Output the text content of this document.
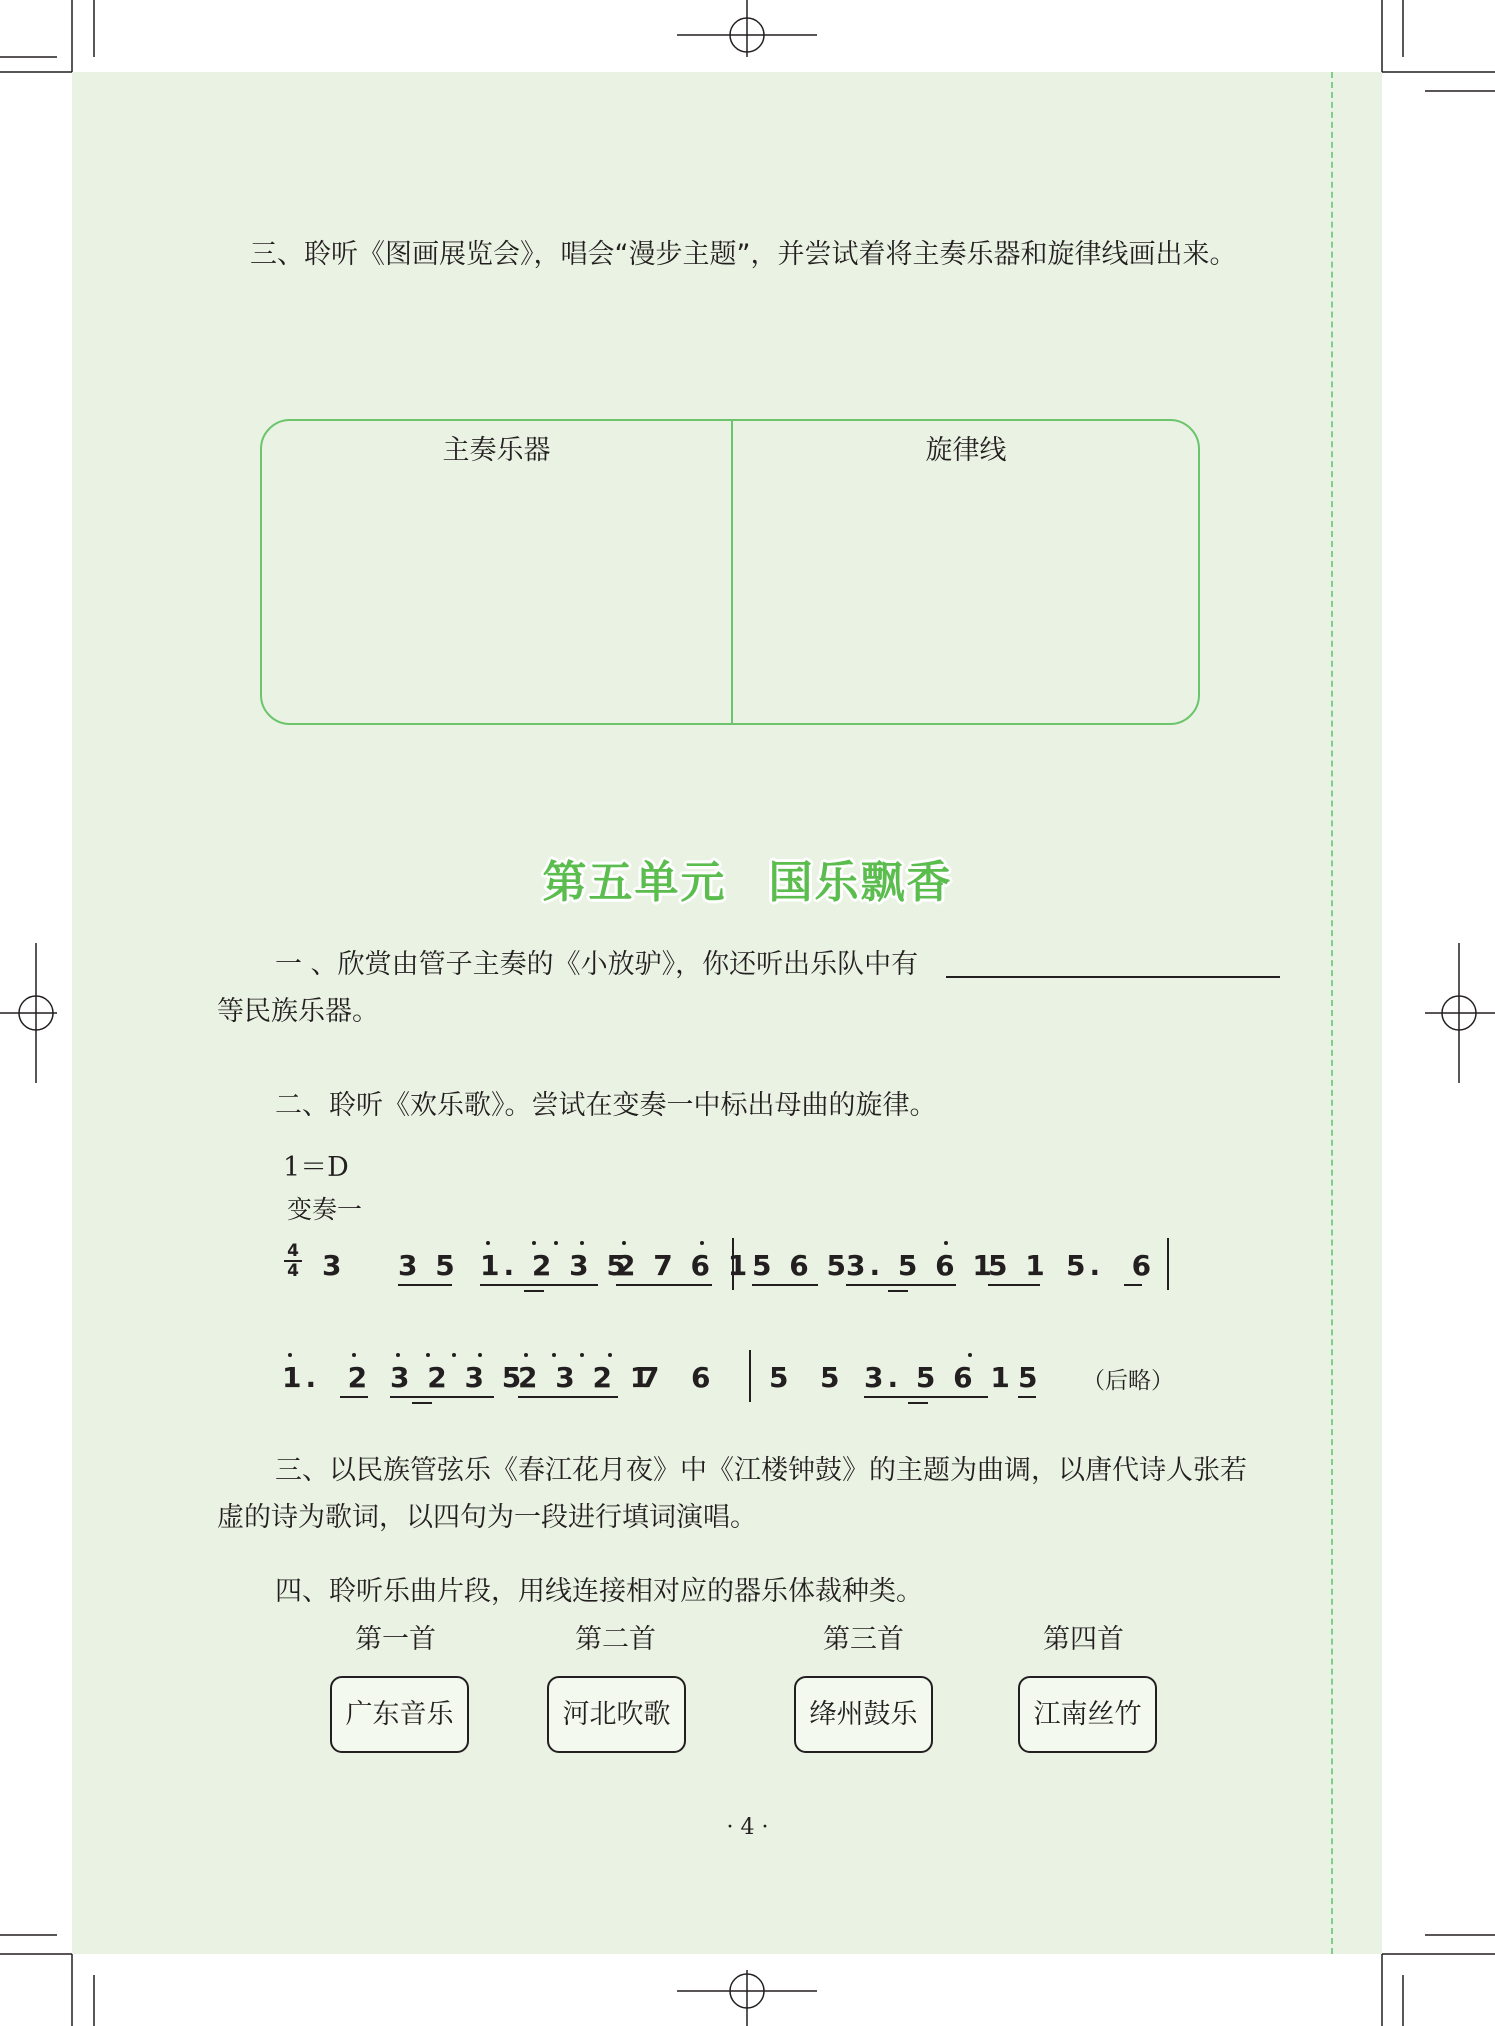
三、聆听《图画展览会》，唱会“漫步主题”，并尝试着将主奏乐器和旋律线画出来。
主奏乐器	旋律线
第五单元 国乐飘香
一 、欣赏由管子主奏的《小放驴》，你还听出乐队中有
等民族乐器。
二、聆听《欢乐歌》。尝试在变奏一中标出母曲的旋律。
1＝D
变奏一
4
4 3 3 5 1. 2 3 5
2 7 6 1 5 6 5
3. 5 6 1
5 1 5.  6
1.  2 3 2 3 5
2 3 2 1
7  6 5  5 3. 5 6 1 5 （后略）
三、以民族管弦乐《春江花月夜》中《江楼钟鼓》的主题为曲调，以唐代诗人张若
虚的诗为歌词，以四句为一段进行填词演唱。
四、聆听乐曲片段，用线连接相对应的器乐体裁种类。
第一首	第二首	第三首	第四首
广东音乐	河北吹歌	绛州鼓乐	江南丝竹
· 4 ·
